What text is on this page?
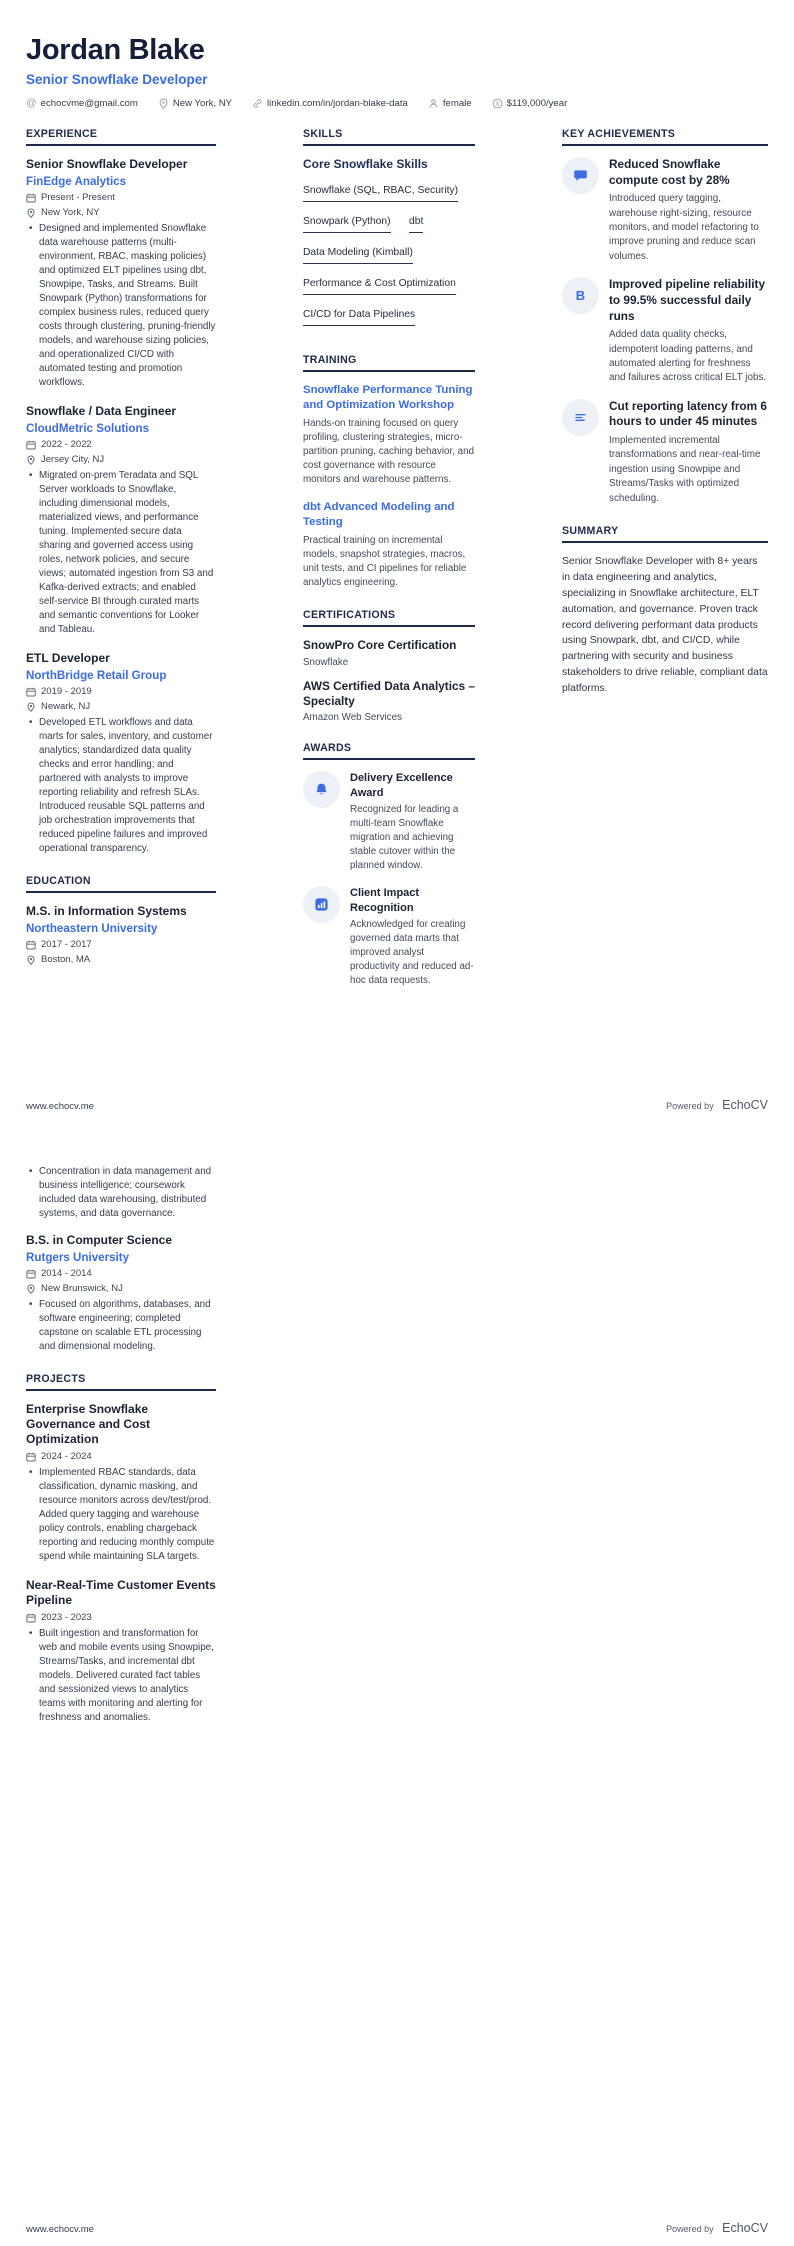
Jordan Blake
Senior Snowflake Developer
@ echocvme@gmail.com	New York, NY	linkedin.com/in/jordan-blake-data	female	$ $119,000/year
EXPERIENCE
Senior Snowflake Developer
FinEdge Analytics
Present - Present
New York, NY
• Designed and implemented Snowflake data warehouse patterns (multi-environment, RBAC, masking policies) and optimized ELT pipelines using dbt, Snowpipe, Tasks, and Streams. Built Snowpark (Python) transformations for complex business rules, reduced query costs through clustering, pruning-friendly models, and warehouse sizing policies, and operationalized CI/CD with automated testing and promotion workflows.
Snowflake / Data Engineer
CloudMetric Solutions
2022 - 2022
Jersey City, NJ
• Migrated on-prem Teradata and SQL Server workloads to Snowflake, including dimensional models, materialized views, and performance tuning. Implemented secure data sharing and governed access using roles, network policies, and secure views; automated ingestion from S3 and Kafka-derived extracts; and enabled self-service BI through curated marts and semantic conventions for Looker and Tableau.
ETL Developer
NorthBridge Retail Group
2019 - 2019
Newark, NJ
• Developed ETL workflows and data marts for sales, inventory, and customer analytics; standardized data quality checks and error handling; and partnered with analysts to improve reporting reliability and refresh SLAs. Introduced reusable SQL patterns and job orchestration improvements that reduced pipeline failures and improved operational transparency.
EDUCATION
M.S. in Information Systems
Northeastern University
2017 - 2017
Boston, MA
SKILLS
Core Snowflake Skills
Snowflake (SQL, RBAC, Security) Snowpark (Python) dbt Data Modeling (Kimball) Performance & Cost Optimization CI/CD for Data Pipelines
TRAINING
Snowflake Performance Tuning and Optimization Workshop
Hands-on training focused on query profiling, clustering strategies, micro-partition pruning, caching behavior, and cost governance with resource monitors and warehouse patterns.
dbt Advanced Modeling and Testing
Practical training on incremental models, snapshot strategies, macros, unit tests, and CI pipelines for reliable analytics engineering.
CERTIFICATIONS
SnowPro Core Certification
Snowflake
AWS Certified Data Analytics – Specialty
Amazon Web Services
AWARDS
Delivery Excellence Award
Recognized for leading a multi-team Snowflake migration and achieving stable cutover within the planned window.
Client Impact Recognition
Acknowledged for creating governed data marts that improved analyst productivity and reduced ad-hoc data requests.
KEY ACHIEVEMENTS
Reduced Snowflake compute cost by 28%
Introduced query tagging, warehouse right-sizing, resource monitors, and model refactoring to improve pruning and reduce scan volumes.
B
Improved pipeline reliability to 99.5% successful daily runs
Added data quality checks, idempotent loading patterns, and automated alerting for freshness and failures across critical ELT jobs.
Cut reporting latency from 6 hours to under 45 minutes
Implemented incremental transformations and near-real-time ingestion using Snowpipe and Streams/Tasks with optimized scheduling.
SUMMARY
Senior Snowflake Developer with 8+ years in data engineering and analytics, specializing in Snowflake architecture, ELT automation, and governance. Proven track record delivering performant data products using Snowpark, dbt, and CI/CD, while partnering with security and business stakeholders to drive reliable, compliant data platforms.
www.echocv.me	Powered by EchoCV
• Concentration in data management and business intelligence; coursework included data warehousing, distributed systems, and data governance.
B.S. in Computer Science
Rutgers University
2014 - 2014
New Brunswick, NJ
• Focused on algorithms, databases, and software engineering; completed capstone on scalable ETL processing and dimensional modeling.
PROJECTS
Enterprise Snowflake Governance and Cost Optimization
2024 - 2024
• Implemented RBAC standards, data classification, dynamic masking, and resource monitors across dev/test/prod. Added query tagging and warehouse policy controls, enabling chargeback reporting and reducing monthly compute spend while maintaining SLA targets.
Near-Real-Time Customer Events Pipeline
2023 - 2023
• Built ingestion and transformation for web and mobile events using Snowpipe, Streams/Tasks, and incremental dbt models. Delivered curated fact tables and sessionized views to analytics teams with monitoring and alerting for freshness and anomalies.
www.echocv.me	Powered by EchoCV
